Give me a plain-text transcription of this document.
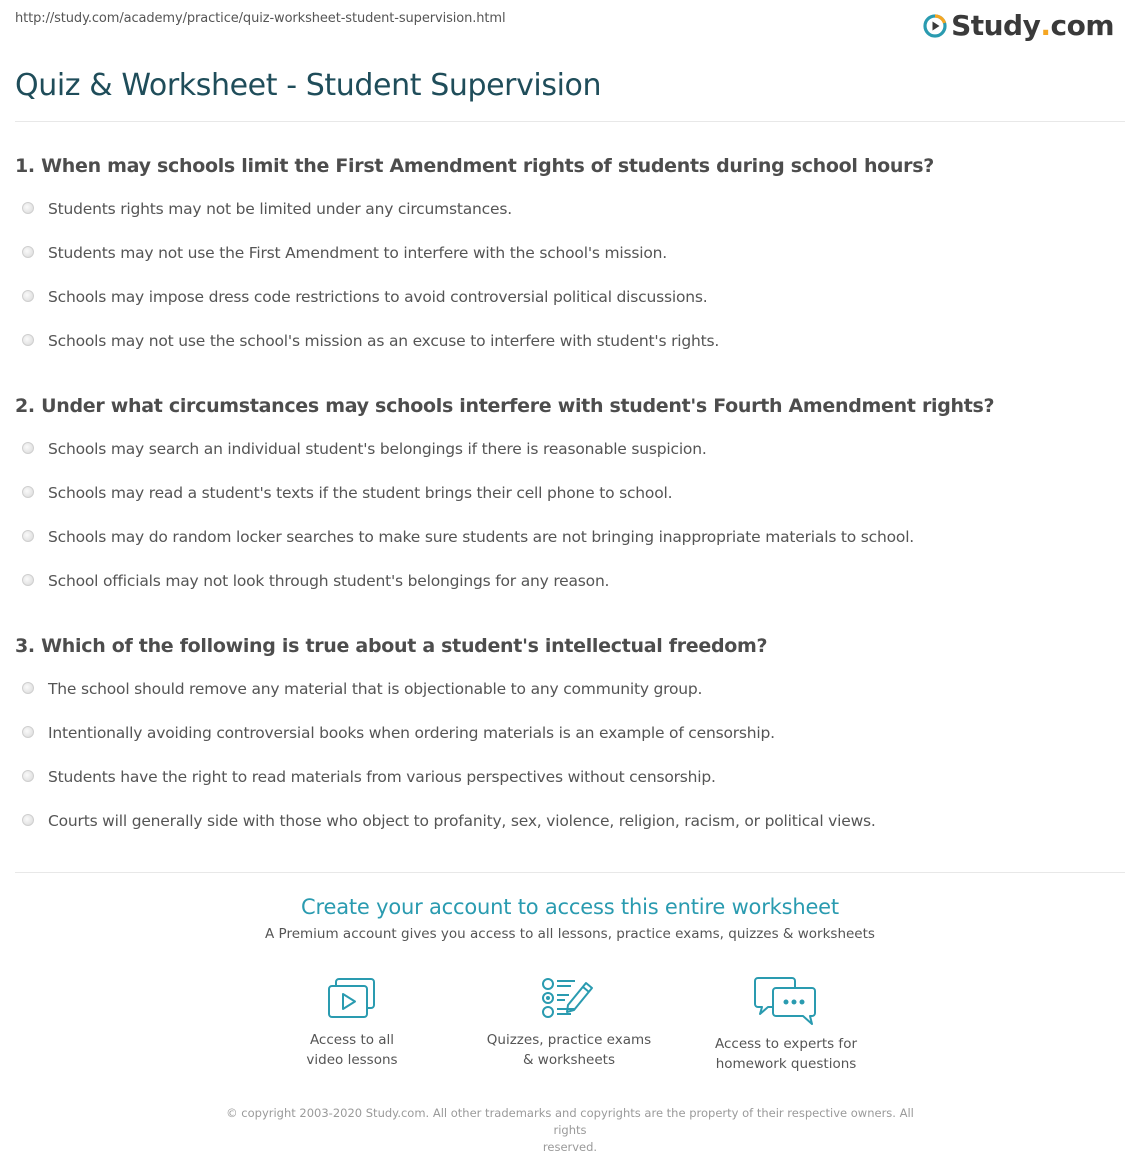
http://study.com/academy/practice/quiz-worksheet-student-supervision.html	Study . com
Quiz & Worksheet - Student Supervision
1. When may schools limit the First Amendment rights of students during school hours?
Students rights may not be limited under any circumstances.
Students may not use the First Amendment to interfere with the school's mission.
Schools may impose dress code restrictions to avoid controversial political discussions.
Schools may not use the school's mission as an excuse to interfere with student's rights.
2. Under what circumstances may schools interfere with student's Fourth Amendment rights?
Schools may search an individual student's belongings if there is reasonable suspicion.
Schools may read a student's texts if the student brings their cell phone to school.
Schools may do random locker searches to make sure students are not bringing inappropriate materials to school.
School officials may not look through student's belongings for any reason.
3. Which of the following is true about a student's intellectual freedom?
The school should remove any material that is objectionable to any community group.
Intentionally avoiding controversial books when ordering materials is an example of censorship.
Students have the right to read materials from various perspectives without censorship.
Courts will generally side with those who object to profanity, sex, violence, religion, racism, or political views.
Create your account to access this entire worksheet
A Premium account gives you access to all lessons, practice exams, quizzes & worksheets
Access to all
video lessons
Quizzes, practice exams
& worksheets
Access to experts for
homework questions
© copyright 2003-2020 Study.com. All other trademarks and copyrights are the property of their respective owners. All rights
reserved.
